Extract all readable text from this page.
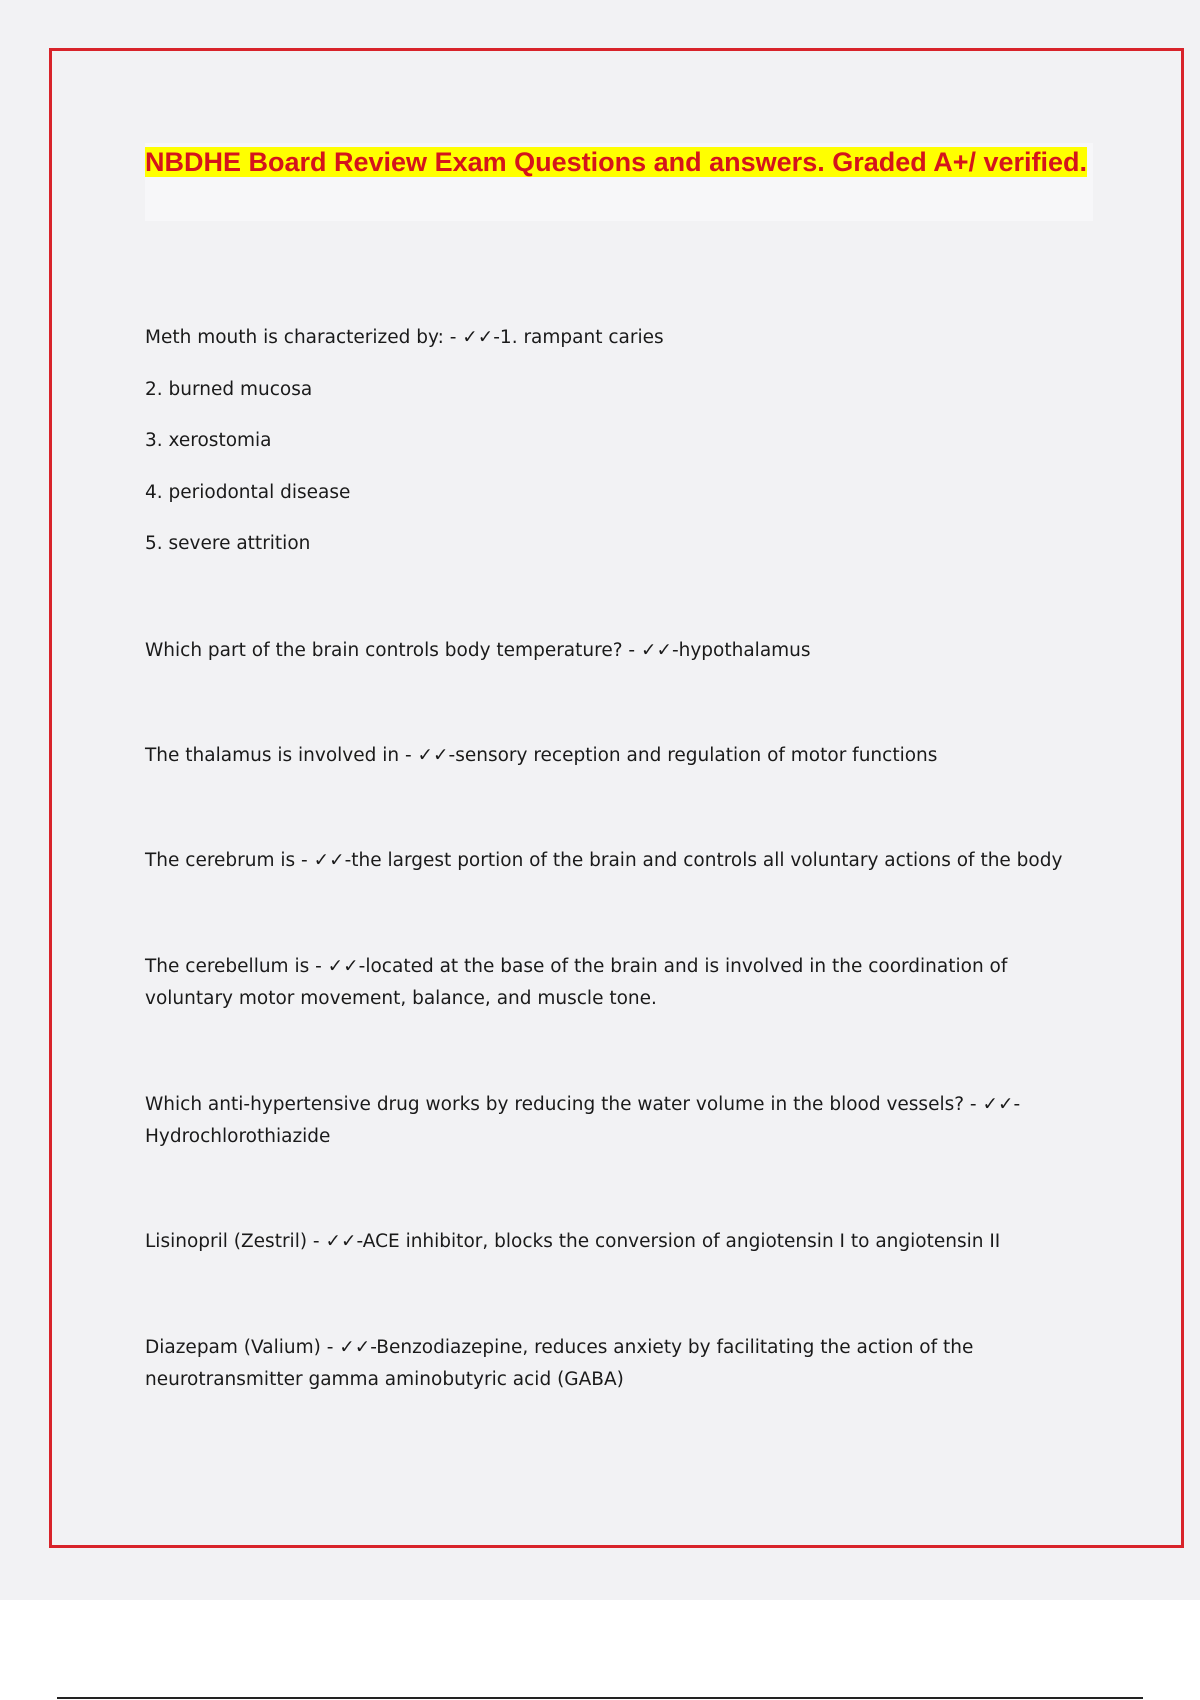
NBDHE Board Review Exam Questions and answers. Graded A+/ verified.

Meth mouth is characterized by: - ✓✓-1. rampant caries

2. burned mucosa

3. xerostomia

4. periodontal disease

5. severe attrition

Which part of the brain controls body temperature? - ✓✓-hypothalamus

The thalamus is involved in - ✓✓-sensory reception and regulation of motor functions

The cerebrum is - ✓✓-the largest portion of the brain and controls all voluntary actions of the body

The cerebellum is - ✓✓-located at the base of the brain and is involved in the coordination of voluntary motor movement, balance, and muscle tone.

Which anti-hypertensive drug works by reducing the water volume in the blood vessels? - ✓✓-Hydrochlorothiazide

Lisinopril (Zestril) - ✓✓-ACE inhibitor, blocks the conversion of angiotensin I to angiotensin II

Diazepam (Valium) - ✓✓-Benzodiazepine, reduces anxiety by facilitating the action of the neurotransmitter gamma aminobutyric acid (GABA)
